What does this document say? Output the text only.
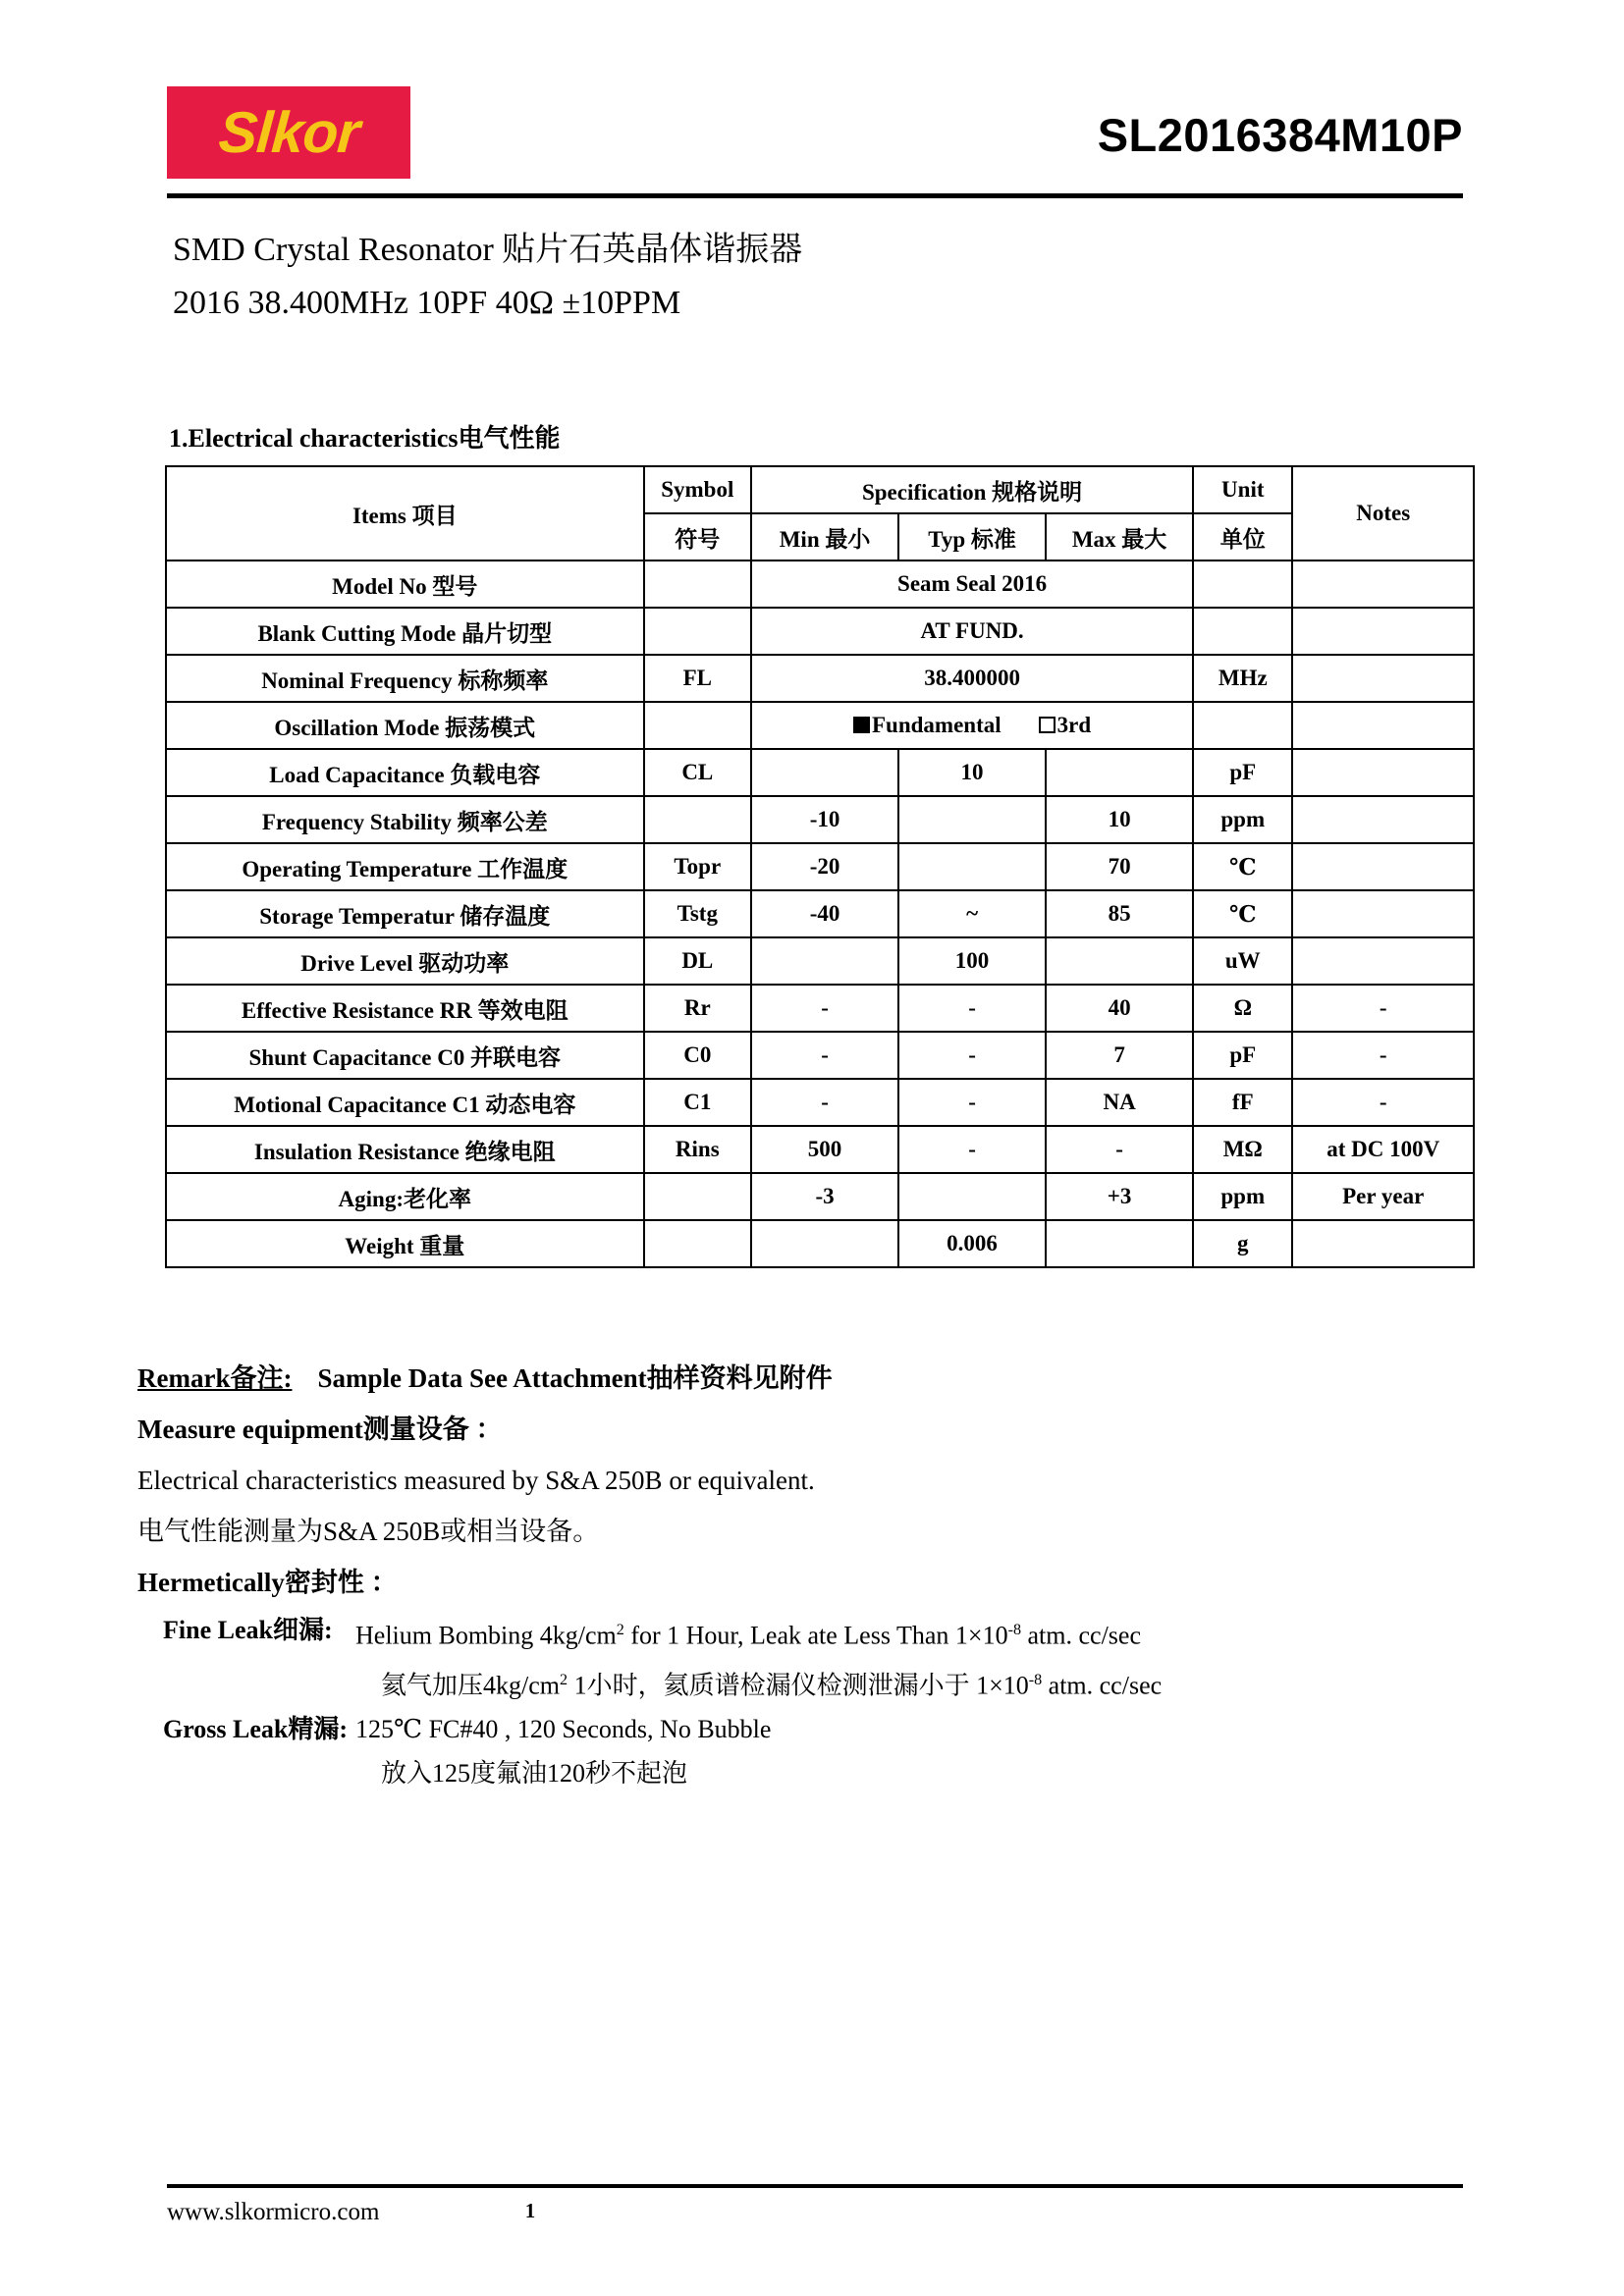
Slkor	SL2016384M10P
SMD Crystal Resonator 贴片石英晶体谐振器
2016 38.400MHz 10PF 40Ω ±10PPM
1.Electrical characteristics电气性能
Items 项目	Symbol	Specification 规格说明			Unit	Notes
	符号	Min 最小	Typ 标准	Max 最大	单位	
Model No 型号		Seam Seal 2016				
Blank Cutting Mode 晶片切型		AT FUND.				
Nominal Frequency 标称频率	FL	38.400000			MHz	
Oscillation Mode 振荡模式		Fundamental 3rd				
Load Capacitance 负载电容	CL		10		pF	
Frequency Stability 频率公差		-10		10	ppm	
Operating Temperature 工作温度	Topr	-20		70	℃	
Storage Temperatur 储存温度	Tstg	-40	~	85	℃	
Drive Level 驱动功率	DL		100		uW	
Effective Resistance RR 等效电阻	Rr	-	-	40	Ω	-
Shunt Capacitance C0 并联电容	C0	-	-	7	pF	-
Motional Capacitance C1 动态电容	C1	-	-	NA	fF	-
Insulation Resistance 绝缘电阻	Rins	500	-	-	MΩ	at DC 100V
Aging:老化率		-3		+3	ppm	Per year
Weight 重量			0.006		g	
Remark备注: Sample Data See Attachment抽样资料见附件
Measure equipment测量设备 ：
Electrical characteristics measured by S&A 250B or equivalent.
电气性能测量为S&A 250B或相当设备。
Hermetically密封性 ：
Fine Leak细漏: Helium Bombing $4kg/cm^2$ for 1 Hour, Leak ate Less Than $1\times 10^{-8}$ atm. cc/sec
氦气加压$4kg/cm^2$ 1小时，氦质谱检漏仪检测泄漏小于 $1\times 10^{-8}$ atm. cc/sec
Gross Leak精漏: 125℃ FC#40 , 120 Seconds, No Bubble
放入125度氟油120秒不起泡
www.slkormicro.com	1
